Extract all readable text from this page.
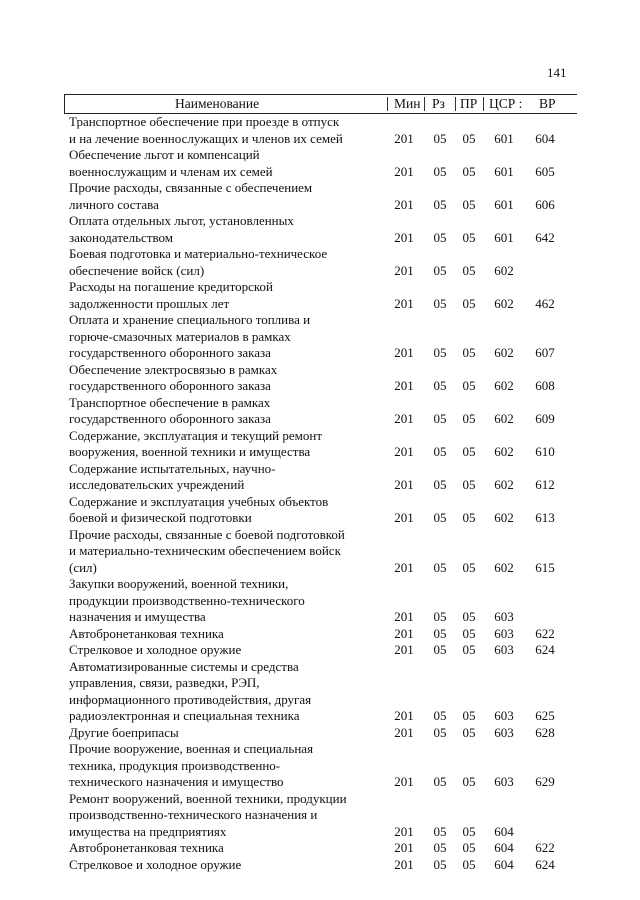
141
Наименование	Мин Рз ПР ЦСР : ВР
Транспортное обеспечение при проезде в отпуск
и на лечение военнослужащих и членов их семей	201	05	05	601	604
Обеспечение льгот и компенсаций
военнослужащим и членам их семей	201	05	05	601	605
Прочие расходы, связанные с обеспечением
личного состава	201	05	05	601	606
Оплата отдельных льгот, установленных
законодательством	201	05	05	601	642
Боевая подготовка и материально-техническое
обеспечение войск (сил)	201	05	05	602
Расходы на погашение кредиторской
задолженности прошлых лет	201	05	05	602	462
Оплата и хранение специального топлива и
горюче-смазочных материалов в рамках
государственного оборонного заказа	201	05	05	602	607
Обеспечение электросвязью в рамках
государственного оборонного заказа	201	05	05	602	608
Транспортное обеспечение в рамках
государственного оборонного заказа	201	05	05	602	609
Содержание, эксплуатация и текущий ремонт
вооружения, военной техники и имущества	201	05	05	602	610
Содержание испытательных, научно-
исследовательских учреждений	201	05	05	602	612
Содержание и эксплуатация учебных объектов
боевой и физической подготовки	201	05	05	602	613
Прочие расходы, связанные с боевой подготовкой
и материально-техническим обеспечением войск
(сил)	201	05	05	602	615
Закупки вооружений, военной техники,
продукции производственно-технического
назначения и имущества	201	05	05	603
Автобронетанковая техника	201	05	05	603	622
Стрелковое и холодное оружие	201	05	05	603	624
Автоматизированные системы и средства
управления, связи, разведки, РЭП,
информационного противодействия, другая
радиоэлектронная и специальная техника	201	05	05	603	625
Другие боеприпасы	201	05	05	603	628
Прочие вооружение, военная и специальная
техника, продукция производственно-
технического назначения и имущество	201	05	05	603	629
Ремонт вооружений, военной техники, продукции
производственно-технического назначения и
имущества на предприятиях	201	05	05	604
Автобронетанковая техника	201	05	05	604	622
Стрелковое и холодное оружие	201	05	05	604	624
